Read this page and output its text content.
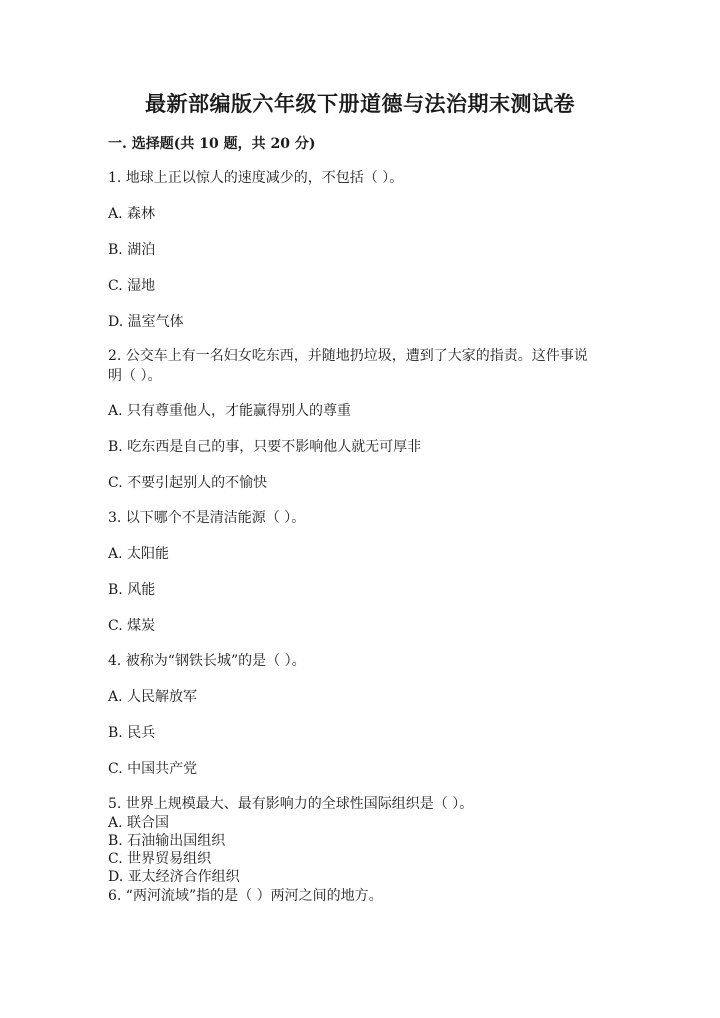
最新部编版六年级下册道德与法治期末测试卷
一. 选择题(共 10 题，共 20 分)
1. 地球上正以惊人的速度减少的，不包括（ ）。
A. 森林
B. 湖泊
C. 湿地
D. 温室气体
2. 公交车上有一名妇女吃东西，并随地扔垃圾，遭到了大家的指责。这件事说
明（ ）。
A. 只有尊重他人，才能赢得别人的尊重
B. 吃东西是自己的事，只要不影响他人就无可厚非
C. 不要引起别人的不愉快
3. 以下哪个不是清洁能源（ ）。
A. 太阳能
B. 风能
C. 煤炭
4. 被称为“钢铁长城”的是（ ）。
A. 人民解放军
B. 民兵
C. 中国共产党
5. 世界上规模最大、最有影响力的全球性国际组织是（ ）。
A. 联合国
B. 石油输出国组织
C. 世界贸易组织
D. 亚太经济合作组织
6. “两河流域”指的是（ ）两河之间的地方。
